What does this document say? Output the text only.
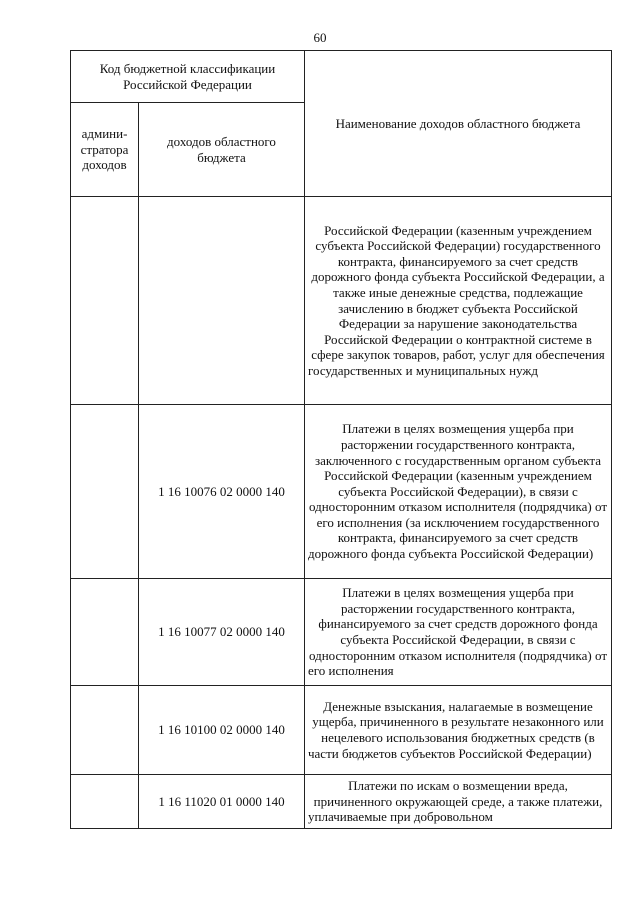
60
Код бюджетной классификации Российской Федерации		Наименование доходов областного бюджета
админи-стратора доходов	доходов областного бюджета	
		Российской Федерации (казенным учреждением субъекта Российской Федерации) государственного контракта, финансируемого за счет средств дорожного фонда субъекта Российской Федерации, а также иные денежные средства, подлежащие зачислению в бюджет субъекта Российской Федерации за нарушение законодательства Российской Федерации о контрактной системе в сфере закупок товаров, работ, услуг для обеспечения государственных и муниципальных нужд
	1 16 10076 02 0000 140	Платежи в целях возмещения ущерба при расторжении государственного контракта, заключенного с государственным органом субъекта Российской Федерации (казенным учреждением субъекта Российской Федерации), в связи с односторонним отказом исполнителя (подрядчика) от его исполнения (за исключением государственного контракта, финансируемого за счет средств дорожного фонда субъекта Российской Федерации)
	1 16 10077 02 0000 140	Платежи в целях возмещения ущерба при расторжении государственного контракта, финансируемого за счет средств дорожного фонда субъекта Российской Федерации, в связи с односторонним отказом исполнителя (подрядчика) от его исполнения
	1 16 10100 02 0000 140	Денежные взыскания, налагаемые в возмещение ущерба, причиненного в результате незаконного или нецелевого использования бюджетных средств (в части бюджетов субъектов Российской Федерации)
	1 16 11020 01 0000 140	Платежи по искам о возмещении вреда, причиненного окружающей среде, а также платежи, уплачиваемые при добровольном
